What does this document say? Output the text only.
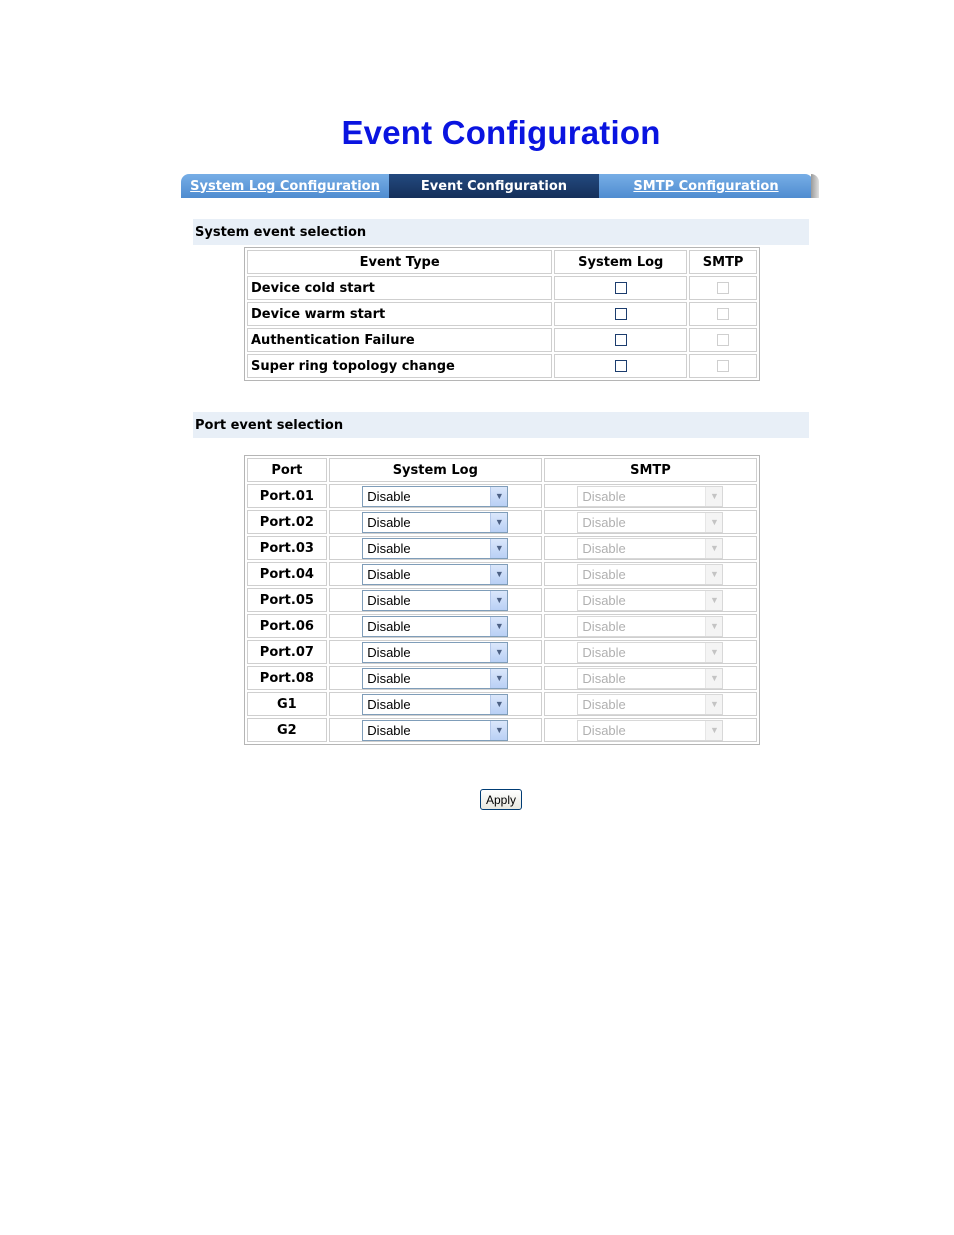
Event Configuration
System Log Configuration	Event Configuration	SMTP Configuration
System event selection
Event Type	System Log	SMTP
Device cold start		
Device warm start		
Authentication Failure		
Super ring topology change		
Port event selection
Port	System Log	SMTP
Port.01	Disable ▼	Disable ▼

Port.02	Disable ▼	Disable ▼

Port.03	Disable ▼	Disable ▼

Port.04	Disable ▼	Disable ▼

Port.05	Disable ▼	Disable ▼

Port.06	Disable ▼	Disable ▼

Port.07	Disable ▼	Disable ▼

Port.08	Disable ▼	Disable ▼

G1	Disable ▼	Disable ▼

G2	Disable ▼	Disable ▼
Apply
